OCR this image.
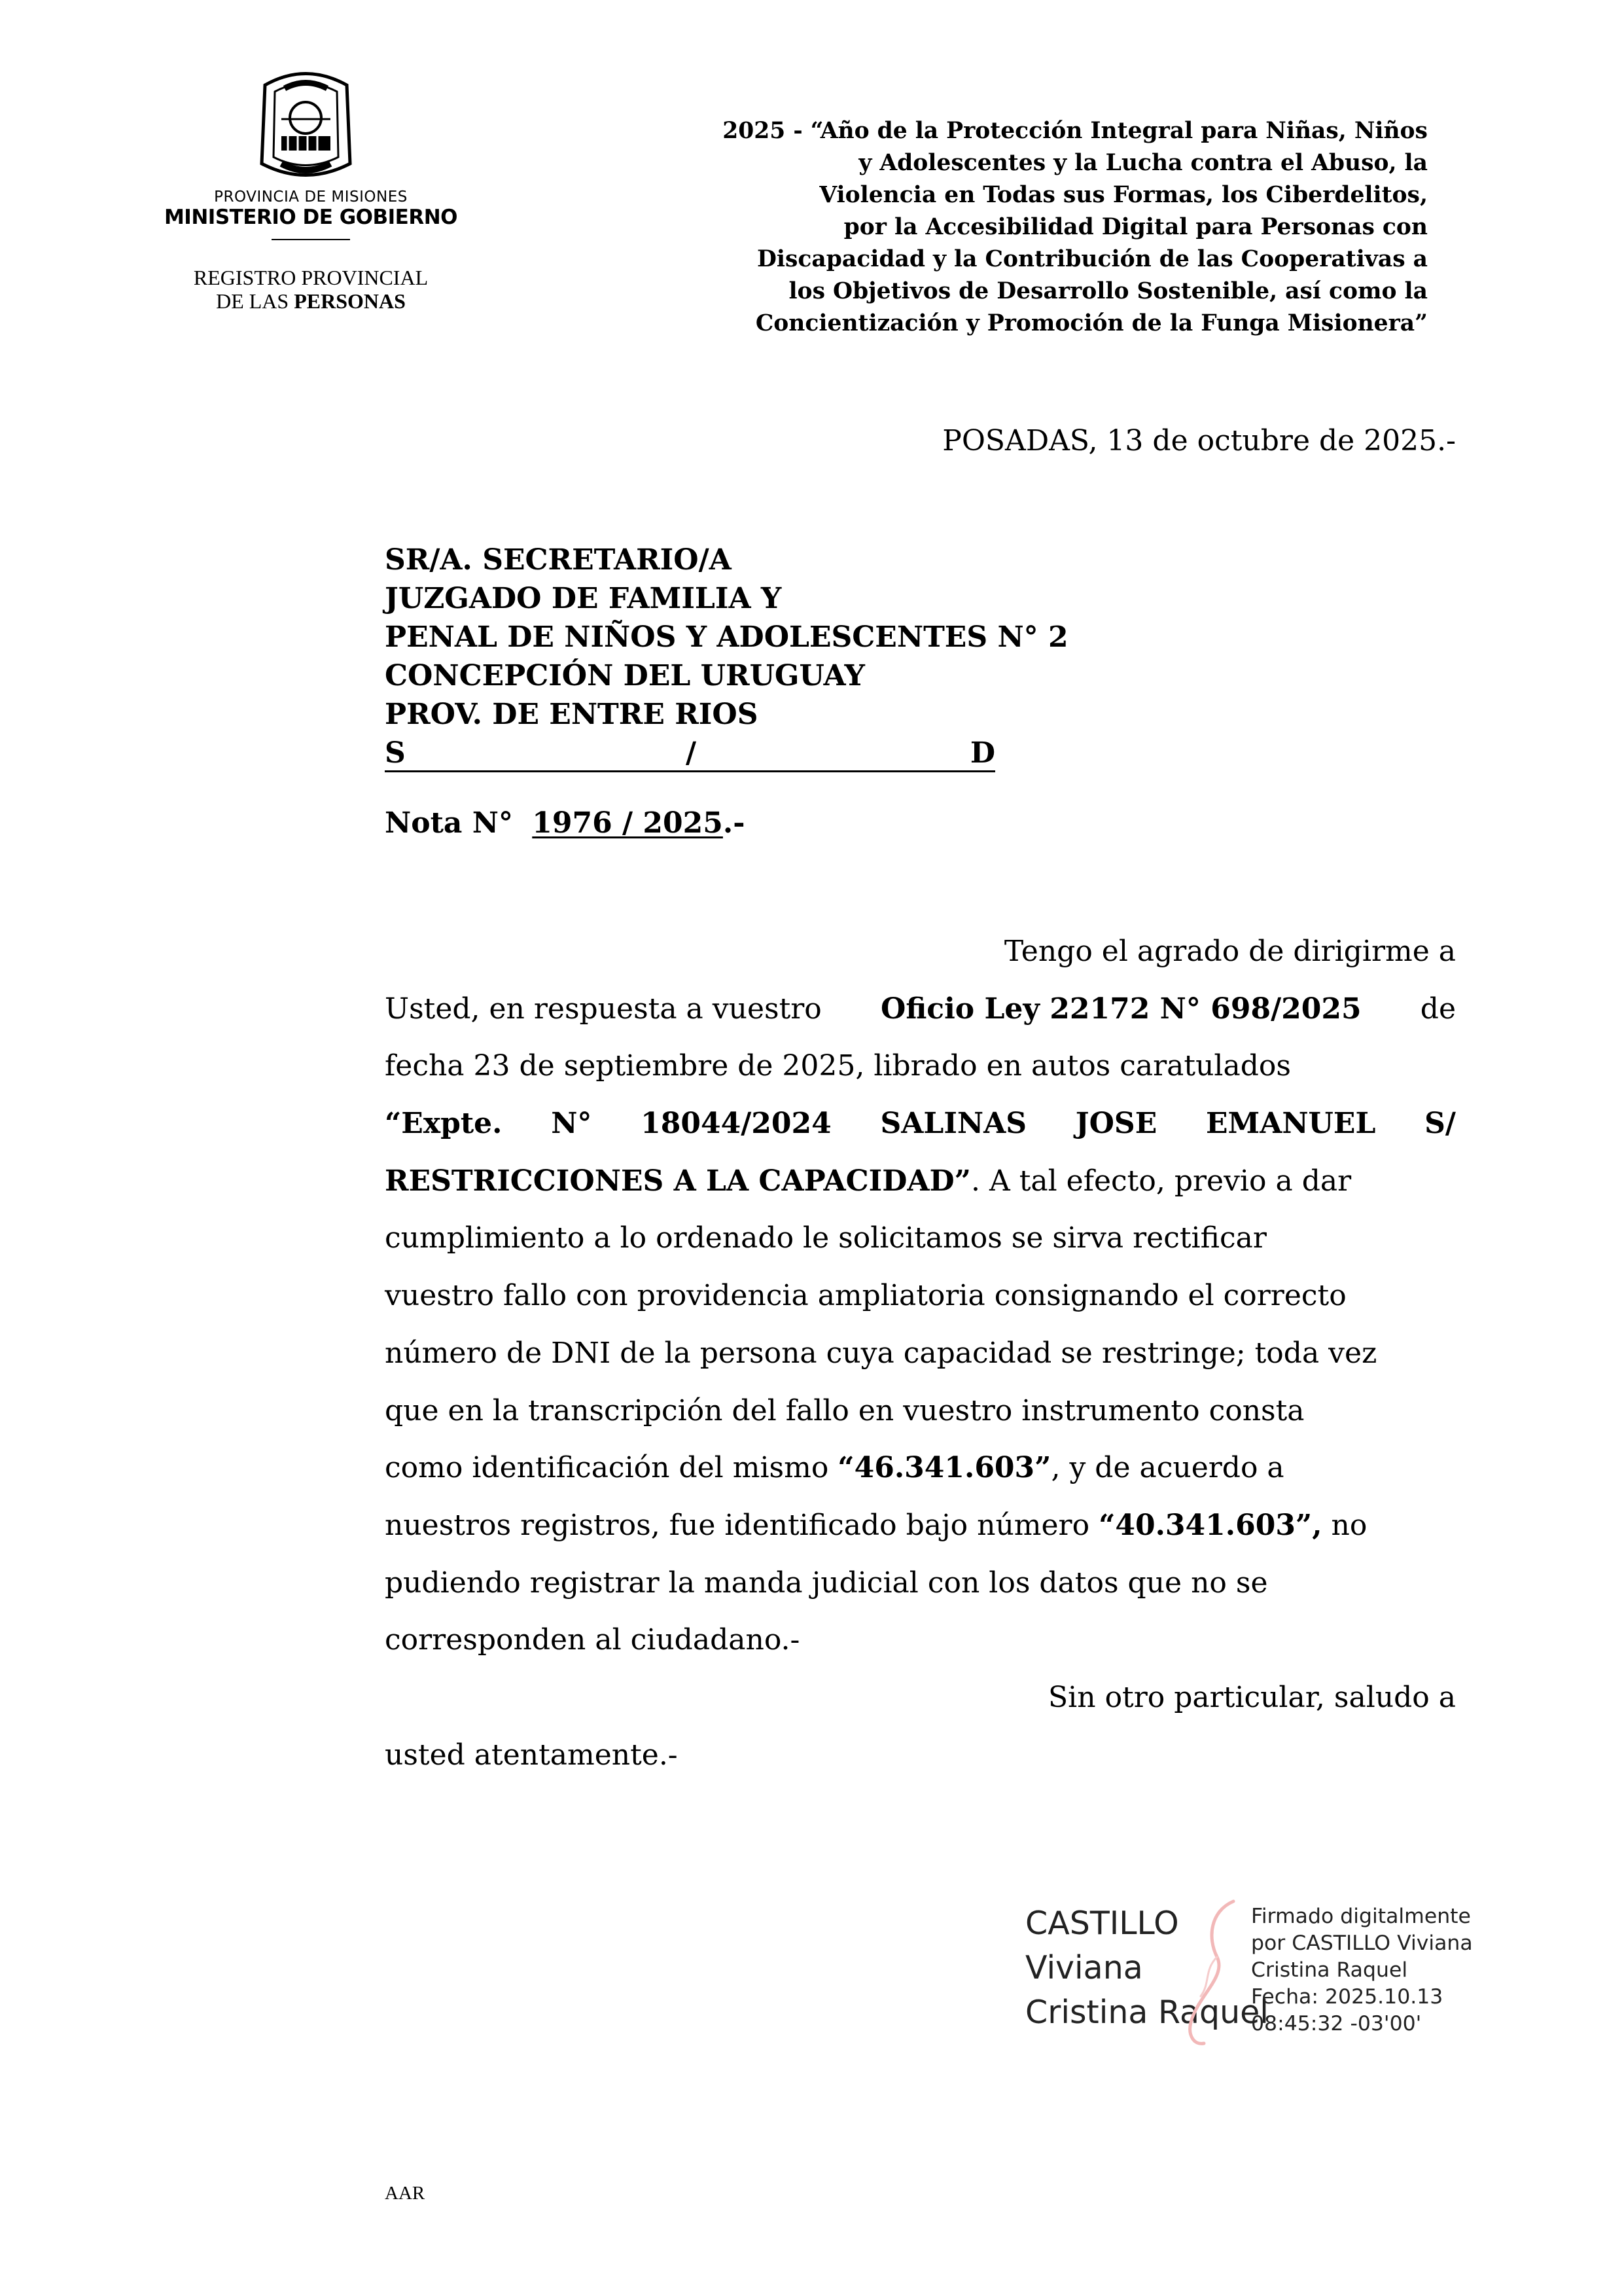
PROVINCIA DE MISIONES
MINISTERIO DE GOBIERNO
REGISTRO PROVINCIAL
DE LAS PERSONAS
2025 - “Año de la Protección Integral para Niñas, Niños
y Adolescentes y la Lucha contra el Abuso, la
Violencia en Todas sus Formas, los Ciberdelitos,
por la Accesibilidad Digital para Personas con
Discapacidad y la Contribución de las Cooperativas a
los Objetivos de Desarrollo Sostenible, así como la
Concientización y Promoción de la Funga Misionera”
POSADAS, 13 de octubre de 2025.-
SR/A. SECRETARIO/A
JUZGADO DE FAMILIA Y
PENAL DE NIÑOS Y ADOLESCENTES N° 2
CONCEPCIÓN DEL URUGUAY
PROV. DE ENTRE RIOS
S	/	D
Nota N° 1976 / 2025.-
Tengo el agrado de dirigirme a
Usted, en respuesta a vuestro Oficio Ley 22172 N° 698/2025 de
fecha 23 de septiembre de 2025, librado en autos caratulados
“Expte. N° 18044/2024 SALINAS JOSE EMANUEL S/
RESTRICCIONES A LA CAPACIDAD”. A tal efecto, previo a dar
cumplimiento a lo ordenado le solicitamos se sirva rectificar
vuestro fallo con providencia ampliatoria consignando el correcto
número de DNI de la persona cuya capacidad se restringe; toda vez
que en la transcripción del fallo en vuestro instrumento consta
como identificación del mismo “46.341.603”, y de acuerdo a
nuestros registros, fue identificado bajo número “40.341.603”, no
pudiendo registrar la manda judicial con los datos que no se
corresponden al ciudadano.-
Sin otro particular, saludo a
usted atentamente.-
CASTILLO
Viviana
Cristina Raquel
Firmado digitalmente
por CASTILLO Viviana
Cristina Raquel
Fecha: 2025.10.13
08:45:32 -03'00'
AAR
